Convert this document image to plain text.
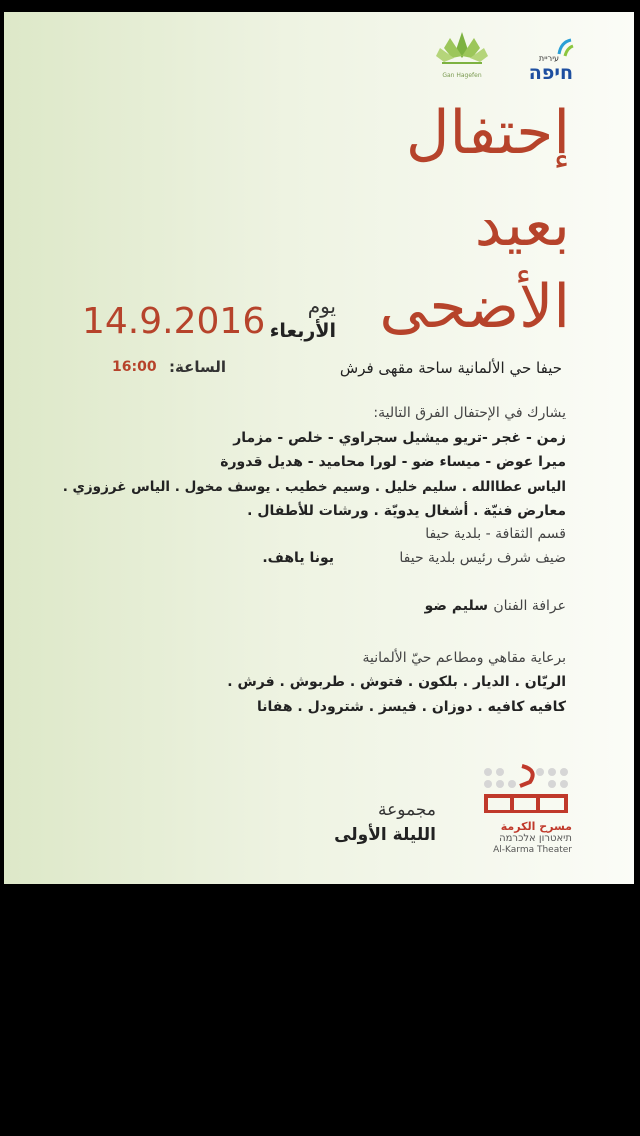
עיריית
חיפה
Gan Hagefen
إحتفال
بعيد
الأضحى
14.9.2016	يوم
الأربعاء
الساعة:
16:00	حيفا حي الألمانية ساحة مقهى فرش
يشارك في الإحتفال الفرق التالية:
زمن - غجر -تريو ميشيل سجراوي - خلص - مزمار
ميرا عوض - ميساء ضو - لورا محاميد - هديل قدورة
الياس عطاالله . سليم خليل . وسيم خطيب . يوسف مخول . الياس غرزوزي .
معارض فنيّة . أشغال يدويّة . ورشات للأطفال .
قسم الثقافة - بلدية حيفا
ضيف شرف رئيس بلدية حيفا
يونا ياهف.
عرافة الفنان
سليم ضو
برعاية مقاهي ومطاعم حيّ الألمانية
الريّان . الديار . بلكون . فتوش . طربوش . فرش .
كافيه كافيه . دوزان . فيسز . شترودل . هفانا
مسرح الكرمة
תיאטרון אלכרמה
Al-Karma Theater
مجموعة
الليلة الأولى
